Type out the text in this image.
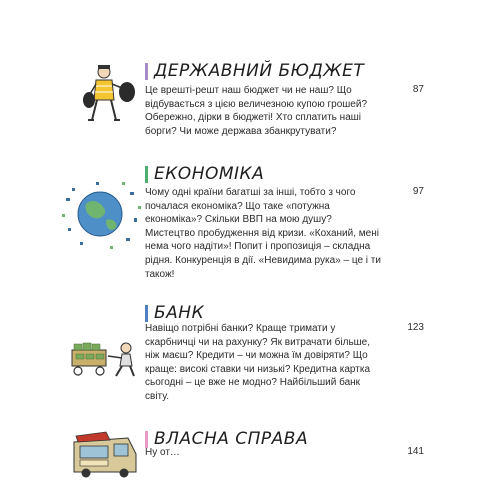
ДЕРЖАВНИЙ БЮДЖЕТ
Це врешті-решт наш бюджет чи не наш? Що відбувається з цією величезною купою грошей? Обережно, дірки в бюджеті! Хто сплатить наші борги? Чи може держава збанкрутувати?
87
ЕКОНОМІКА
Чому одні країни багатші за інші, тобто з чого почалася економіка? Що таке «потужна економіка»? Скільки ВВП на мою душу? Мистецтво пробудження від кризи. «Коханий, мені нема чого надіти»! Попит і пропозиція – складна рідня. Конкуренція в дії. «Невидима рука» – це і ти також!
97
БАНК
Навіщо потрібні банки? Краще тримати у скарбничці чи на рахунку? Як витрачати більше, ніж маєш? Кредити – чи можна їм довіряти? Що краще: високі ставки чи низькі? Кредитна картка сьогодні – це вже не модно? Найбільший банк світу.
123
ВЛАСНА СПРАВА
Ну от…	141
